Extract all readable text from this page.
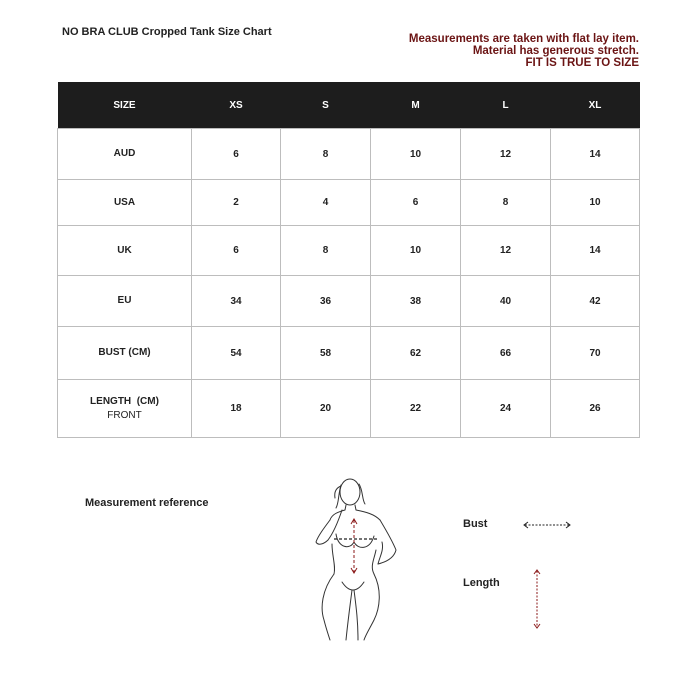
NO BRA CLUB Cropped Tank Size Chart
Measurements are taken with flat lay item.
Material has generous stretch.
FIT IS TRUE TO SIZE
SIZE	XS	S	M	L	XL
AUD	6	8	10	12	14
USA	2	4	6	8	10
UK	6	8	10	12	14
EU	34	36	38	40	42
BUST (CM)	54	58	62	66	70

LENGTH  (CM)
FRONT	18	20	22	24	26
Measurement reference
Bust
Length
